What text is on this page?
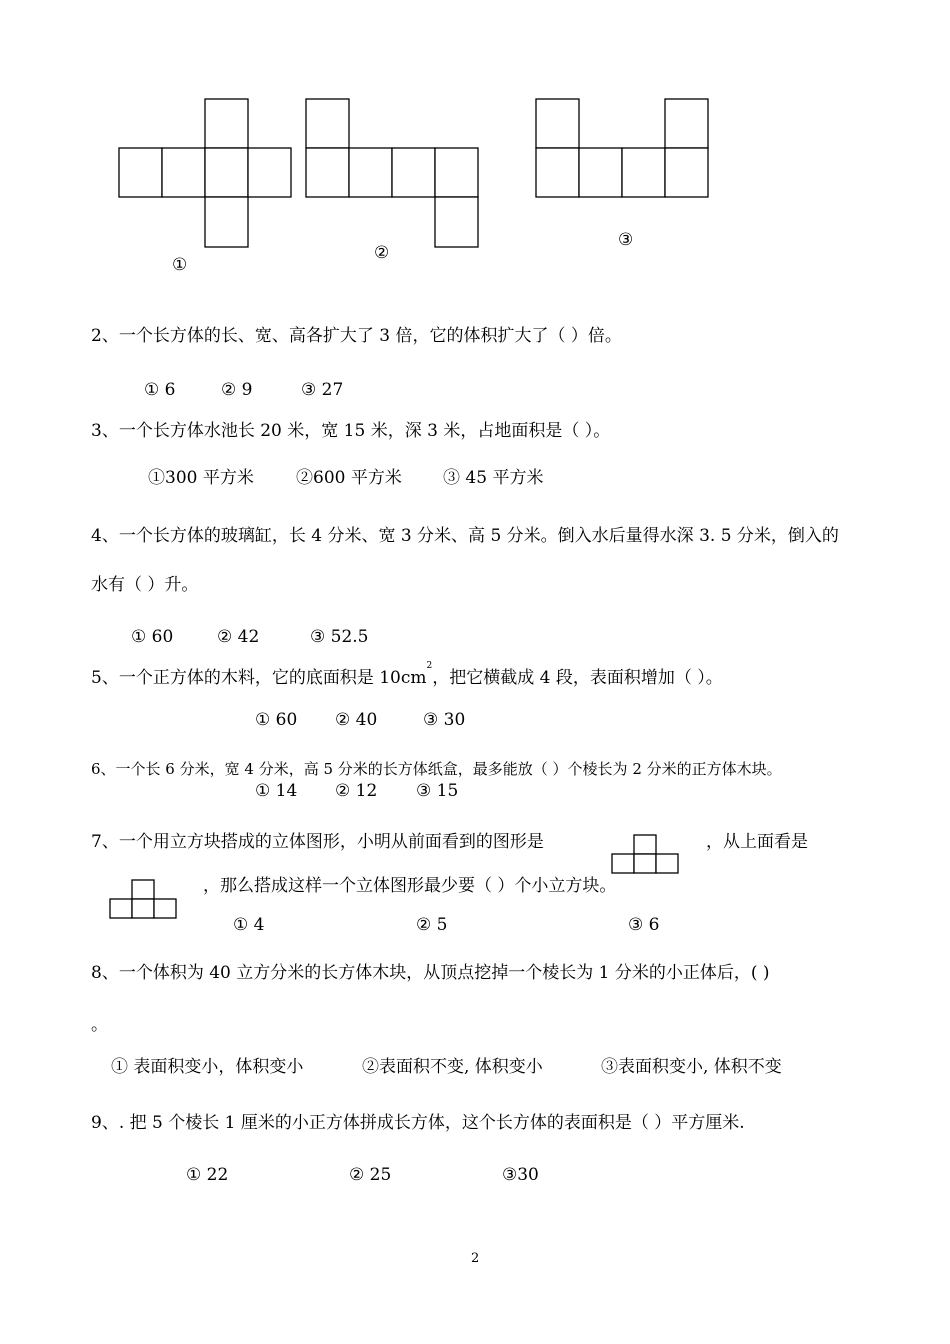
①
②
③
2、一个长方体的长、宽、高各扩大了 3 倍，它的体积扩大了（ ）倍。
① 6	② 9	③ 27
3、一个长方体水池长 20 米，宽 15 米，深 3 米，占地面积是（ ）。
①300 平方米 ②600 平方米 ③ 45 平方米
4、一个长方体的玻璃缸，长 4 分米、宽 3 分米、高 5 分米。倒入水后量得水深 3. 5 分米，倒入的
水有（ ）升。
① 60	② 42	③ 52.5
5、一个正方体的木料，它的底面积是 $10cm^2$，把它横截成 4 段，表面积增加（ ）。
① 60 ② 40	③ 30
6、一个长 6 分米，宽 4 分米，高 5 分米的长方体纸盒，最多能放（ ）个棱长为 2 分米的正方体木块。
① 14 ② 12 ③ 15
7、一个用立方块搭成的立体图形，小明从前面看到的图形是	，从上面看是
，那么搭成这样一个立体图形最少要（ ）个小立方块。
① 4	② 5	③ 6
8、一个体积为 40 立方分米的长方体木块，从顶点挖掉一个棱长为 1 分米的小正体后，( )
。
① 表面积变小，体积变小	②表面积不变, 体积变小	③表面积变小, 体积不变
9、. 把 5 个棱长 1 厘米的小正方体拼成长方体，这个长方体的表面积是（ ）平方厘米.
① 22	② 25	③30
2
